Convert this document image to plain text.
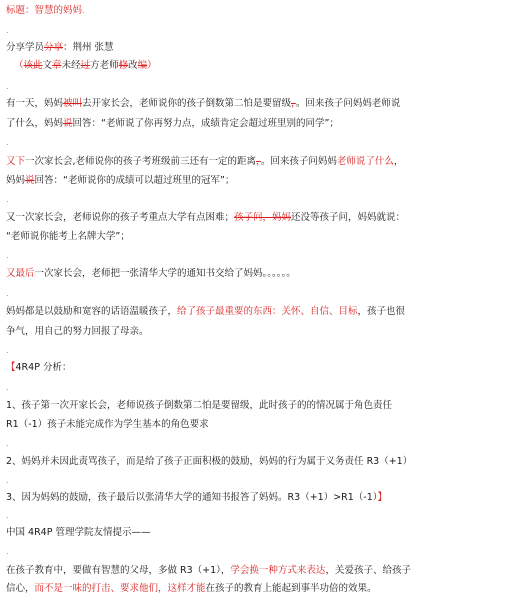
标题：智慧的妈妈.
.
分享学员分享：荆州 张慧
（该此文章未经过方老师修改编）
.
有一天，妈妈被叫去开家长会，老师说你的孩子倒数第二怕是要留级，。回来孩子问妈妈老师说
了什么，妈妈说回答：“老师说了你再努力点，成绩肯定会超过班里别的同学”；
.
又下一次家长会,老师说你的孩子考班级前三还有一定的距离，。回来孩子问妈妈老师说了什么，
妈妈说回答：“老师说你的成绩可以超过班里的冠军”；
.
又一次家长会，老师说你的孩子考重点大学有点困难；孩子问，妈妈还没等孩子问，妈妈就说：
“老师说你能考上名牌大学”；
.
又最后一次家长会，老师把一张清华大学的通知书交给了妈妈。。。。。。
.
妈妈都是以鼓励和宽容的话语温暖孩子，给了孩子最重要的东西：关怀、自信、目标，孩子也很
争气，用自己的努力回报了母亲。
.
【4R4P 分析：
.
1、孩子第一次开家长会，老师说孩子倒数第二怕是要留级，此时孩子的的情况属于角色责任
R1（-1）孩子未能完成作为学生基本的角色要求
.
2、妈妈并未因此责骂孩子，而是给了孩子正面积极的鼓励，妈妈的行为属于义务责任 R3（+1）
.
3、因为妈妈的鼓励，孩子最后以张清华大学的通知书报答了妈妈。R3（+1）>R1（-1）】
.
中国 4R4P 管理学院友情提示——
.
在孩子教育中，要做有智慧的父母，多做 R3（+1），学会换一种方式来表达，关爱孩子、给孩子
信心，而不是一味的打击、要求他们，这样才能在孩子的教育上能起到事半功倍的效果。
